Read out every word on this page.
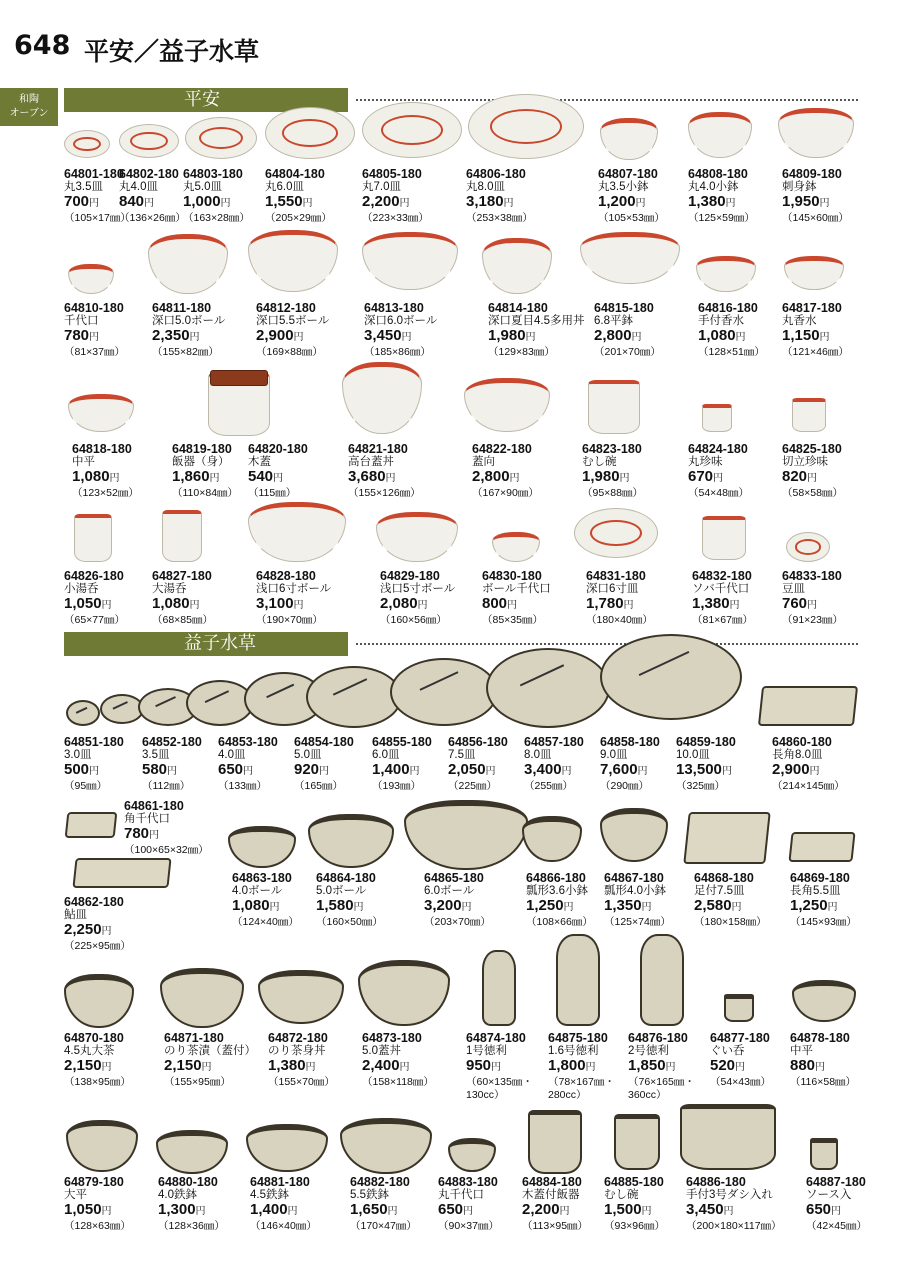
648 平安／益子水草
和陶
オーブン
平安
益子水草
64801-180
丸3.5皿
700円
（105×17㎜）
64802-180
丸4.0皿
840円
（136×26㎜）
64803-180
丸5.0皿
1,000円
（163×28㎜）
64804-180
丸6.0皿
1,550円
（205×29㎜）
64805-180
丸7.0皿
2,200円
（223×33㎜）
64806-180
丸8.0皿
3,180円
（253×38㎜）
64807-180
丸3.5小鉢
1,200円
（105×53㎜）
64808-180
丸4.0小鉢
1,380円
（125×59㎜）
64809-180
刺身鉢
1,950円
（145×60㎜）
64810-180
千代口
780円
（81×37㎜）
64811-180
深口5.0ボール
2,350円
（155×82㎜）
64812-180
深口5.5ボール
2,900円
（169×88㎜）
64813-180
深口6.0ボール
3,450円
（185×86㎜）
64814-180
深口夏目4.5多用丼
1,980円
（129×83㎜）
64815-180
6.8平鉢
2,800円
（201×70㎜）
64816-180
手付香水
1,080円
（128×51㎜）
64817-180
丸香水
1,150円
（121×46㎜）
64818-180
中平
1,080円
（123×52㎜）
64819-180
飯器（身）
1,860円
（110×84㎜）
64820-180
木蓋
540円
（115㎜）
64821-180
高台蓋丼
3,680円
（155×126㎜）
64822-180
蓋向
2,800円
（167×90㎜）
64823-180
むし碗
1,980円
（95×88㎜）
64824-180
丸珍味
670円
（54×48㎜）
64825-180
切立珍味
820円
（58×58㎜）
64826-180
小湯呑
1,050円
（65×77㎜）
64827-180
大湯呑
1,080円
（68×85㎜）
64828-180
浅口6寸ボール
3,100円
（190×70㎜）
64829-180
浅口5寸ボール
2,080円
（160×56㎜）
64830-180
ボール千代口
800円
（85×35㎜）
64831-180
深口6寸皿
1,780円
（180×40㎜）
64832-180
ソバ千代口
1,380円
（81×67㎜）
64833-180
豆皿
760円
（91×23㎜）
64851-180
3.0皿
500円
（95㎜）
64852-180
3.5皿
580円
（112㎜）
64853-180
4.0皿
650円
（133㎜）
64854-180
5.0皿
920円
（165㎜）
64855-180
6.0皿
1,400円
（193㎜）
64856-180
7.5皿
2,050円
（225㎜）
64857-180
8.0皿
3,400円
（255㎜）
64858-180
9.0皿
7,600円
（290㎜）
64859-180
10.0皿
13,500円
（325㎜）
64860-180
長角8.0皿
2,900円
（214×145㎜）
64861-180
角千代口
780円
（100×65×32㎜）
64862-180
鮎皿
2,250円
（225×95㎜）
64863-180
4.0ボール
1,080円
（124×40㎜）
64864-180
5.0ボール
1,580円
（160×50㎜）
64865-180
6.0ボール
3,200円
（203×70㎜）
64866-180
瓢形3.6小鉢
1,250円
（108×66㎜）
64867-180
瓢形4.0小鉢
1,350円
（125×74㎜）
64868-180
足付7.5皿
2,580円
（180×158㎜）
64869-180
長角5.5皿
1,250円
（145×93㎜）
64870-180
4.5丸大茶
2,150円
（138×95㎜）
64871-180
のり茶漬（蓋付）
2,150円
（155×95㎜）
64872-180
のり茶身丼
1,380円
（155×70㎜）
64873-180
5.0蓋丼
2,400円
（158×118㎜）
64874-180
1号徳利
950円
（60×135㎜・
130cc）
64875-180
1.6号徳利
1,800円
（78×167㎜・
280cc）
64876-180
2号徳利
1,850円
（76×165㎜・
360cc）
64877-180
ぐい呑
520円
（54×43㎜）
64878-180
中平
880円
（116×58㎜）
64879-180
大平
1,050円
（128×63㎜）
64880-180
4.0鉄鉢
1,300円
（128×36㎜）
64881-180
4.5鉄鉢
1,400円
（146×40㎜）
64882-180
5.5鉄鉢
1,650円
（170×47㎜）
64883-180
丸千代口
650円
（90×37㎜）
64884-180
木蓋付飯器
2,200円
（113×95㎜）
64885-180
むし碗
1,500円
（93×96㎜）
64886-180
手付3号ダシ入れ
3,450円
（200×180×117㎜）
64887-180
ソース入
650円
（42×45㎜）
